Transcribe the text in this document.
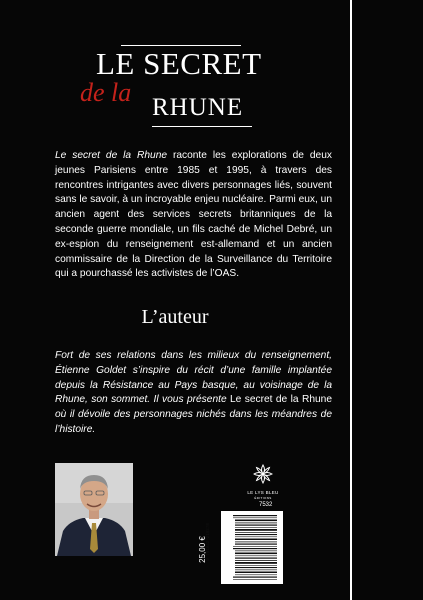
LE SECRET
de la
RHUNE

Le secret de la Rhune raconte les explorations de deux jeunes Parisiens entre 1985 et 1995, à travers des rencontres intrigantes avec divers personnages liés, souvent sans le savoir, à un incroyable enjeu nucléaire. Parmi eux, un ancien agent des services secrets britanniques de la seconde guerre mondiale, un fils caché de Michel Debré, un ex-espion du renseignement est-allemand et un ancien commissaire de la Direction de la Surveillance du Territoire qui a pourchassé les activistes de l’OAS.

L’auteur

Fort de ses relations dans les milieux du renseignement, Étienne Goldet s’inspire du récit d’une famille implantée depuis la Résistance au Pays basque, au voisinage de la Rhune, son sommet. Il vous présente Le secret de la Rhune où il dévoile des personnages nichés dans les méandres de l’histoire.

LE LYS BLEU
ÉDITIONS
7532
25,00 € 9 791042 219278
